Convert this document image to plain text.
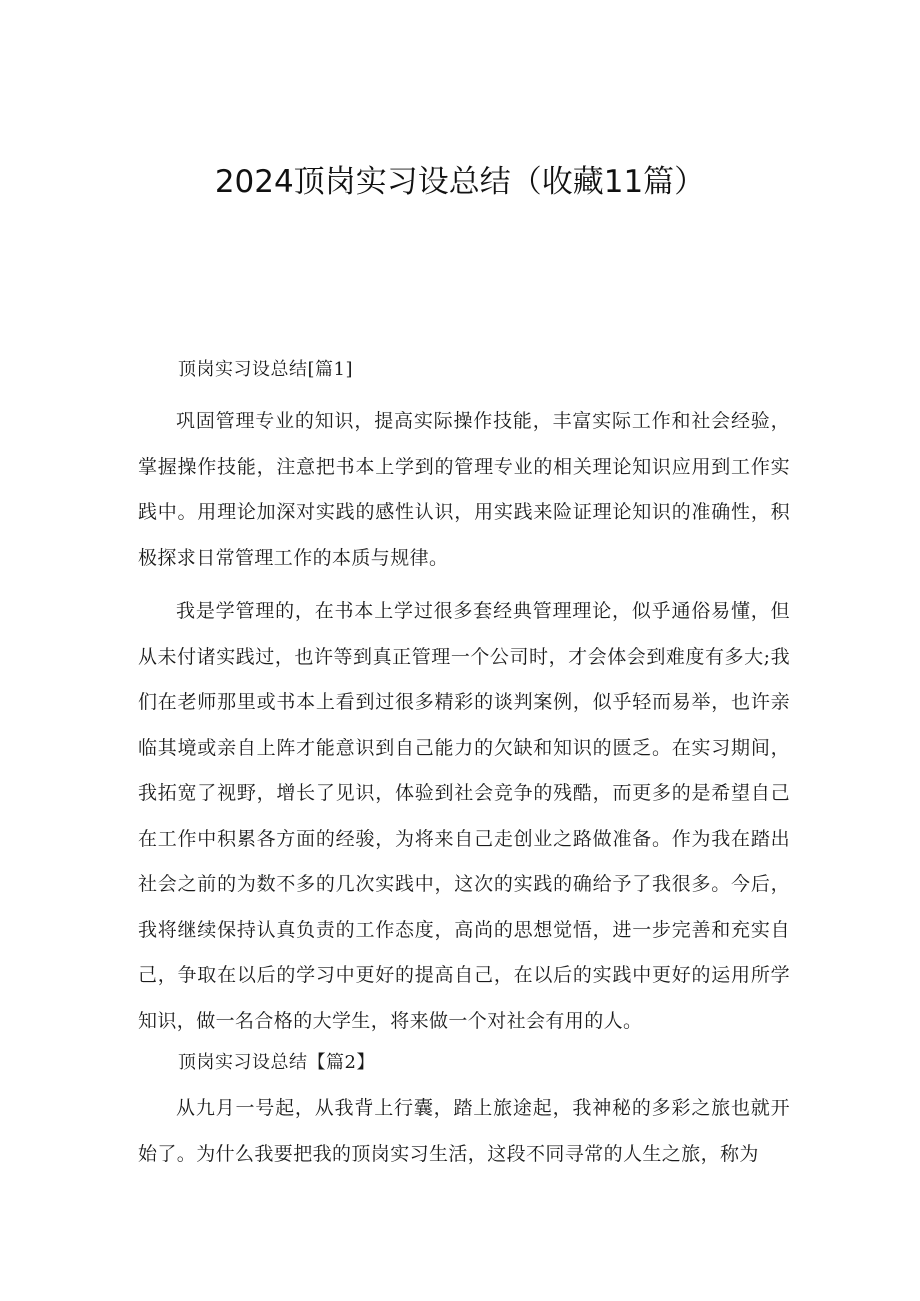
2024顶岗实习设总结（收藏11篇）
顶岗实习设总结[篇1]

巩固管理专业的知识，提高实际操作技能，丰富实际工作和社会经验，掌握操作技能，注意把书本上学到的管理专业的相关理论知识应用到工作实践中。用理论加深对实践的感性认识，用实践来险证理论知识的准确性，积极探求日常管理工作的本质与规律。

我是学管理的，在书本上学过很多套经典管理理论，似乎通俗易懂，但从未付诸实践过，也许等到真正管理一个公司时，才会体会到难度有多大;我们在老师那里或书本上看到过很多精彩的谈判案例，似乎轻而易举，也许亲临其境或亲自上阵才能意识到自己能力的欠缺和知识的匮乏。在实习期间，我拓宽了视野，增长了见识，体验到社会竞争的残酷，而更多的是希望自己在工作中积累各方面的经骏，为将来自己走创业之路做准备。作为我在踏出社会之前的为数不多的几次实践中，这次的实践的确给予了我很多。今后，我将继续保持认真负责的工作态度，高尚的思想觉悟，进一步完善和充实自己，争取在以后的学习中更好的提高自己，在以后的实践中更好的运用所学知识，做一名合格的大学生，将来做一个对社会有用的人。

顶岗实习设总结【篇2】

从九月一号起，从我背上行囊，踏上旅途起，我神秘的多彩之旅也就开始了。为什么我要把我的顶岗实习生活，这段不同寻常的人生之旅，称为
